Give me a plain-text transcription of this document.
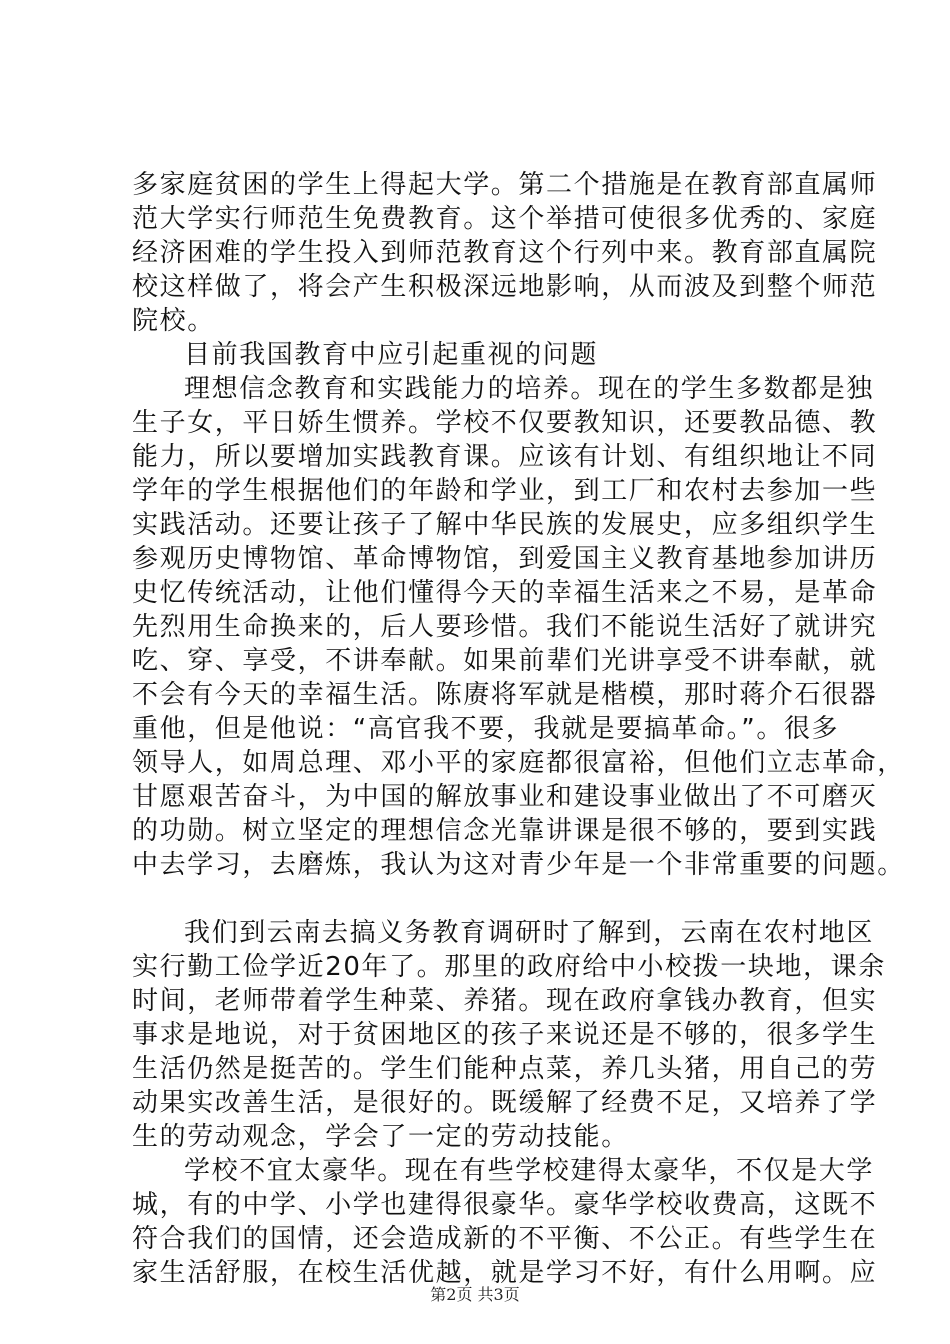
多家庭贫困的学生上得起大学。第二个措施是在教育部直属师
范大学实行师范生免费教育。这个举措可使很多优秀的、家庭
经济困难的学生投入到师范教育这个行列中来。教育部直属院
校这样做了，将会产生积极深远地影响，从而波及到整个师范
院校。
目前我国教育中应引起重视的问题
理想信念教育和实践能力的培养。现在的学生多数都是独
生子女，平日娇生惯养。学校不仅要教知识，还要教品德、教
能力，所以要增加实践教育课。应该有计划、有组织地让不同
学年的学生根据他们的年龄和学业，到工厂和农村去参加一些
实践活动。还要让孩子了解中华民族的发展史，应多组织学生
参观历史博物馆、革命博物馆，到爱国主义教育基地参加讲历
史忆传统活动，让他们懂得今天的幸福生活来之不易，是革命
先烈用生命换来的，后人要珍惜。我们不能说生活好了就讲究
吃、穿、享受，不讲奉献。如果前辈们光讲享受不讲奉献，就
不会有今天的幸福生活。陈赓将军就是楷模，那时蒋介石很器
重他，但是他说：“高官我不要，我就是要搞革命。”。很多
领导人，如周总理、邓小平的家庭都很富裕，但他们立志革命，
甘愿艰苦奋斗，为中国的解放事业和建设事业做出了不可磨灭
的功勋。树立坚定的理想信念光靠讲课是很不够的，要到实践
中去学习，去磨炼，我认为这对青少年是一个非常重要的问题。
我们到云南去搞义务教育调研时了解到，云南在农村地区
实行勤工俭学近20年了。那里的政府给中小校拨一块地，课余
时间，老师带着学生种菜、养猪。现在政府拿钱办教育，但实
事求是地说，对于贫困地区的孩子来说还是不够的，很多学生
生活仍然是挺苦的。学生们能种点菜，养几头猪，用自己的劳
动果实改善生活，是很好的。既缓解了经费不足，又培养了学
生的劳动观念，学会了一定的劳动技能。
学校不宜太豪华。现在有些学校建得太豪华，不仅是大学
城，有的中学、小学也建得很豪华。豪华学校收费高，这既不
符合我们的国情，还会造成新的不平衡、不公正。有些学生在
家生活舒服，在校生活优越，就是学习不好，有什么用啊。应
第2页 共3页
